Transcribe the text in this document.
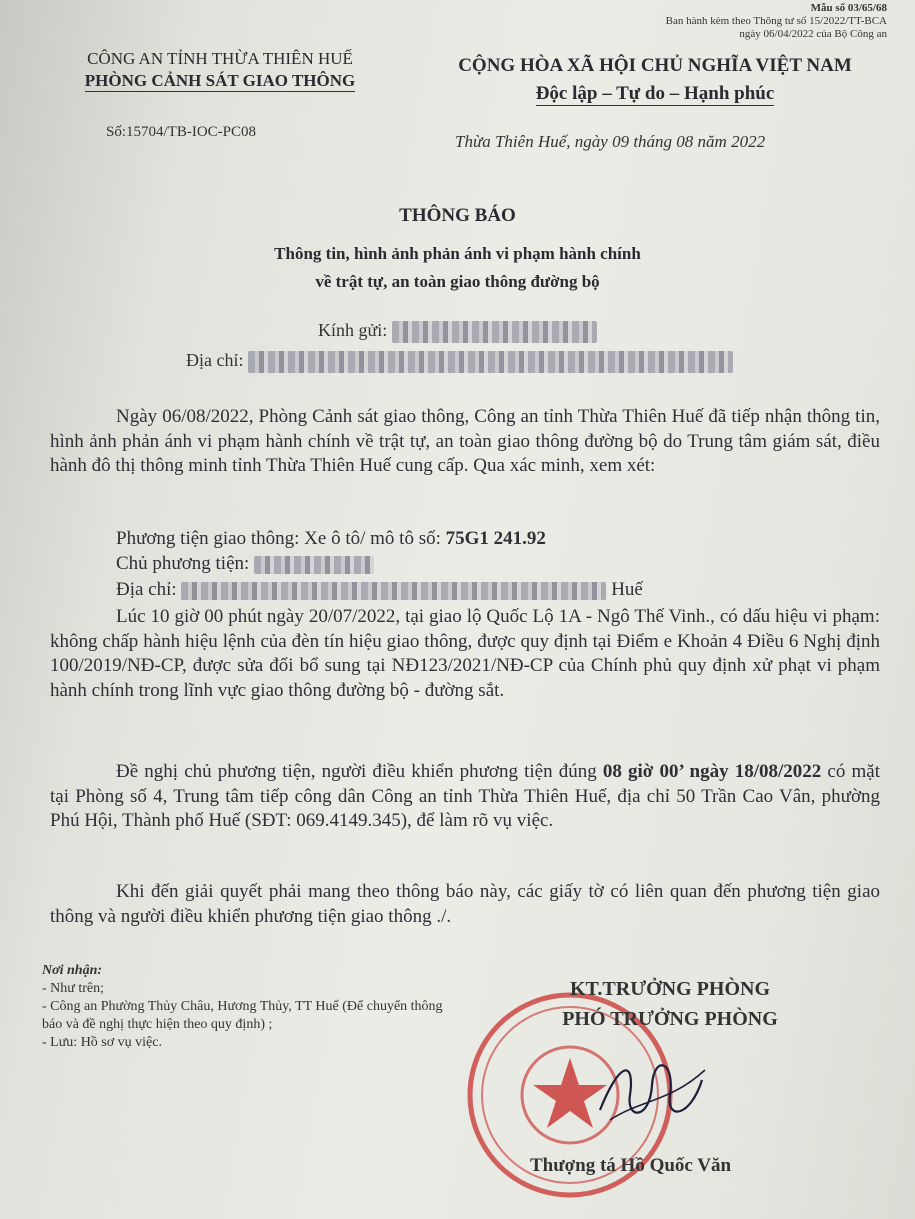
Mẫu số 03/65/68
Ban hành kèm theo Thông tư số 15/2022/TT-BCA
ngày 06/04/2022 của Bộ Công an
CÔNG AN TỈNH THỪA THIÊN HUẾ
PHÒNG CẢNH SÁT GIAO THÔNG
Số:15704/TB-IOC-PC08
CỘNG HÒA XÃ HỘI CHỦ NGHĨA VIỆT NAM
Độc lập – Tự do – Hạnh phúc
Thừa Thiên Huế, ngày 09 tháng 08 năm 2022
THÔNG BÁO
Thông tin, hình ảnh phản ánh vi phạm hành chính
về trật tự, an toàn giao thông đường bộ
Kính gửi:
Địa chỉ:
Ngày 06/08/2022, Phòng Cảnh sát giao thông, Công an tỉnh Thừa Thiên Huế đã tiếp nhận thông tin, hình ảnh phản ánh vi phạm hành chính về trật tự, an toàn giao thông đường bộ do Trung tâm giám sát, điều hành đô thị thông minh tỉnh Thừa Thiên Huế cung cấp. Qua xác minh, xem xét:
Phương tiện giao thông: Xe ô tô/ mô tô số: 75G1 241.92
Chủ phương tiện:
Địa chỉ:	Huế
Lúc 10 giờ 00 phút ngày 20/07/2022, tại giao lộ Quốc Lộ 1A - Ngô Thế Vinh., có dấu hiệu vi phạm: không chấp hành hiệu lệnh của đèn tín hiệu giao thông, được quy định tại Điểm e Khoản 4 Điều 6 Nghị định 100/2019/NĐ-CP, được sửa đổi bổ sung tại NĐ123/2021/NĐ-CP của Chính phủ quy định xử phạt vi phạm hành chính trong lĩnh vực giao thông đường bộ - đường sắt.
Đề nghị chủ phương tiện, người điều khiển phương tiện đúng 08 giờ 00’ ngày 18/08/2022 có mặt tại Phòng số 4, Trung tâm tiếp công dân Công an tỉnh Thừa Thiên Huế, địa chỉ 50 Trần Cao Vân, phường Phú Hội, Thành phố Huế (SĐT: 069.4149.345), để làm rõ vụ việc.
Khi đến giải quyết phải mang theo thông báo này, các giấy tờ có liên quan đến phương tiện giao thông và người điều khiển phương tiện giao thông ./.
Nơi nhận:
- Như trên;
- Công an Phường Thủy Châu, Hương Thủy, TT Huế (Để chuyển thông báo và đề nghị thực hiện theo quy định) ;
- Lưu: Hồ sơ vụ việc.
KT.TRƯỞNG PHÒNG
PHÓ TRƯỞNG PHÒNG
Thượng tá Hồ Quốc Văn
